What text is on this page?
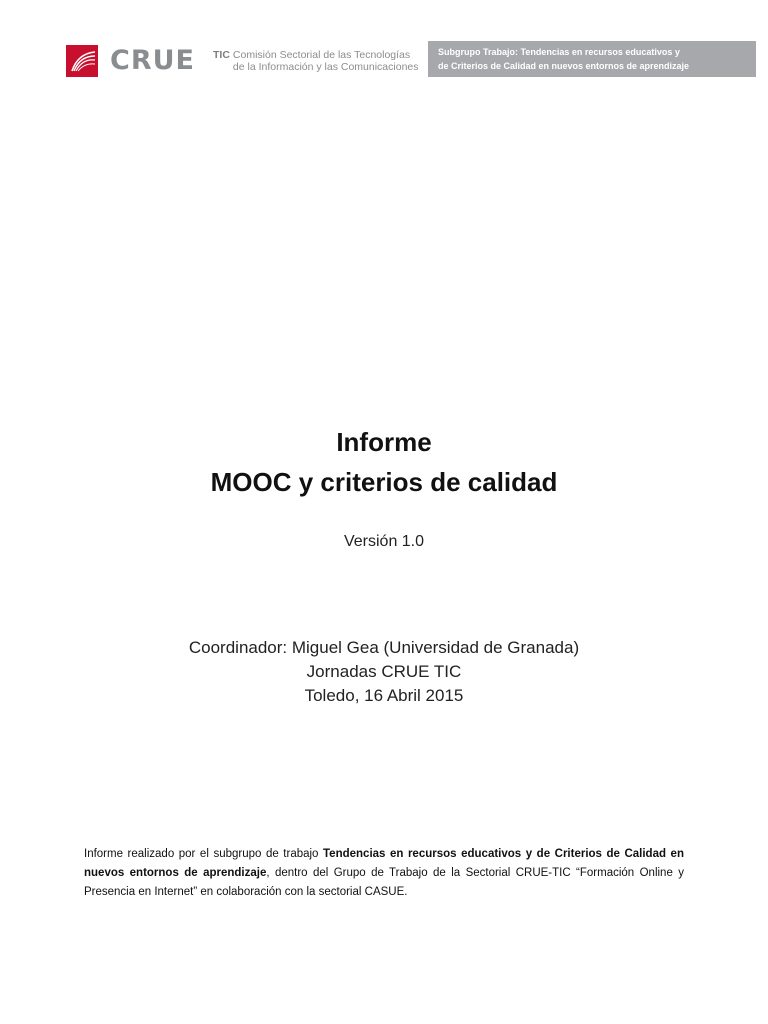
CRUE TIC Comisión Sectorial de las Tecnologías
de la Información y las Comunicaciones
Subgrupo Trabajo: Tendencias en recursos educativos y
de Criterios de Calidad en nuevos entornos de aprendizaje
Informe
MOOC y criterios de calidad
Versión 1.0
Coordinador: Miguel Gea (Universidad de Granada)
Jornadas CRUE TIC
Toledo, 16 Abril 2015
Informe realizado por el subgrupo de trabajo Tendencias en recursos educativos y de Criterios de Calidad en nuevos entornos de aprendizaje, dentro del Grupo de Trabajo de la Sectorial CRUE-TIC “Formación Online y Presencia en Internet” en colaboración con la sectorial CASUE.
